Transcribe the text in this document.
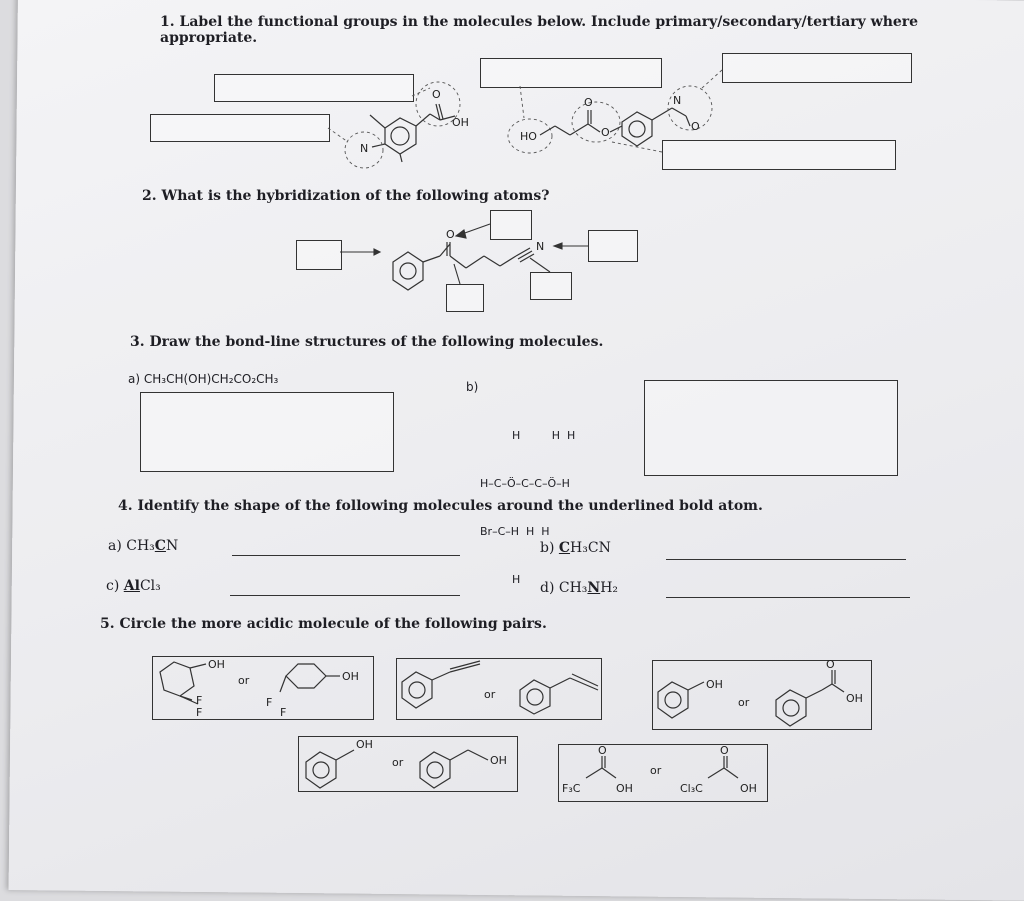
1. Label the functional groups in the molecules below. Include primary/secondary/tertiary where
appropriate.
O
OH
N
HO
O
O
N
O
2. What is the hybridization of the following atoms?
O
N
3. Draw the bond-line structures of the following molecules.
a) CH₃CH(OH)CH₂CO₂CH₃
b)

H         H  H

H–C–Ö–C–C–Ö–H

Br–C–H  H  H

H

4. Identify the shape of the following molecules around the underlined bold atom.
a) CH₃CN	b) CH₃CN
c) AlCl₃	d) CH₃NH₂
5. Circle the more acidic molecule of the following pairs.
OH
F
F
or	OH
F
F
or
OH
or
O
OH
OH
or	OH
O
F₃C	OH
or
O
Cl₃C	OH
